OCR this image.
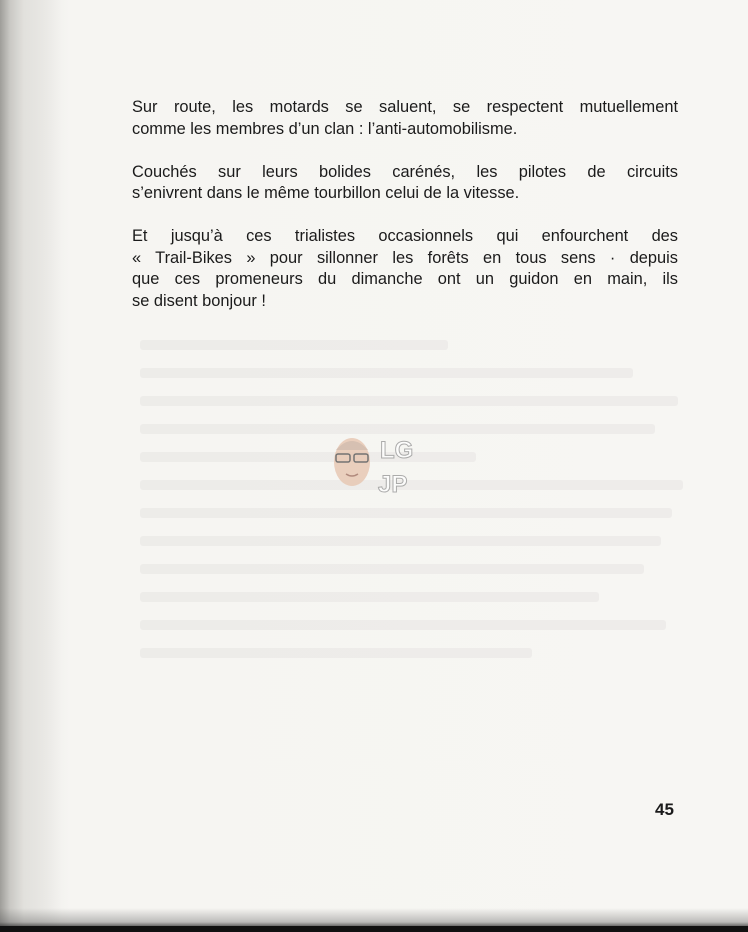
Sur route, les motards se saluent, se respectent mutuellement
comme les membres d’un clan : l’anti-automobilisme.

Couchés sur leurs bolides carénés, les pilotes de circuits
s’enivrent dans le même tourbillon celui de la vitesse.

Et jusqu’à ces trialistes occasionnels qui enfourchent des
« Trail-Bikes » pour sillonner les forêts en tous sens · depuis
que ces promeneurs du dimanche ont un guidon en main, ils
se disent bonjour !

LG
JP
45
